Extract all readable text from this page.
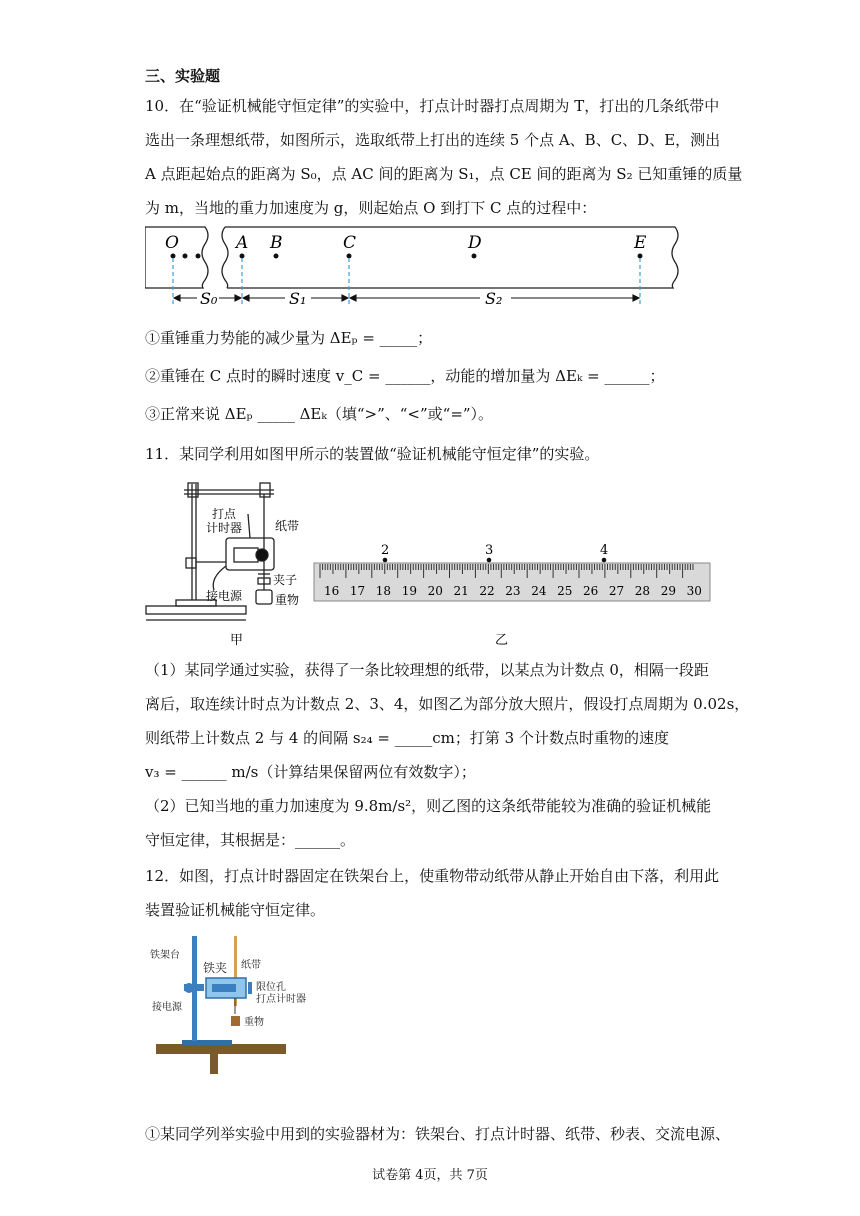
三、实验题
10．在“验证机械能守恒定律”的实验中，打点计时器打点周期为 T，打出的几条纸带中
选出一条理想纸带，如图所示，选取纸带上打出的连续 5 个点 A、B、C、D、E，测出
A 点距起始点的距离为 S₀，点 AC 间的距离为 S₁，点 CE 间的距离为 S₂ 已知重锤的质量
为 m，当地的重力加速度为 g，则起始点 O 到打下 C 点的过程中：
O	A B	C	D	E
S₀	S₁	S₂
①重锤重力势能的减少量为 ΔEₚ = _____；
②重锤在 C 点时的瞬时速度 v_C = ______，动能的增加量为 ΔEₖ = ______；
③正常来说 ΔEₚ _____ ΔEₖ（填“>”、“<”或“=”）。
11．某同学利用如图甲所示的装置做“验证机械能守恒定律”的实验。
打点
计时器	纸带
夹子
接电源	重物
甲
16 17 18 19 20 21 22 23 24 25 26 27 28 29 30
2	3	4
乙
（1）某同学通过实验，获得了一条比较理想的纸带，以某点为计数点 0，相隔一段距
离后，取连续计时点为计数点 2、3、4，如图乙为部分放大照片，假设打点周期为 0.02s，
则纸带上计数点 2 与 4 的间隔 s₂₄ = _____cm；打第 3 个计数点时重物的速度
v₃ = ______ m/s（计算结果保留两位有效数字）；
（2）已知当地的重力加速度为 9.8m/s²，则乙图的这条纸带能较为准确的验证机械能
守恒定律，其根据是：______。
12．如图，打点计时器固定在铁架台上，使重物带动纸带从静止开始自由下落，利用此
装置验证机械能守恒定律。
铁架台
铁夹 纸带
限位孔
打点计时器
接电源
重物
①某同学列举实验中用到的实验器材为：铁架台、打点计时器、纸带、秒表、交流电源、
试卷第 4页，共 7页
